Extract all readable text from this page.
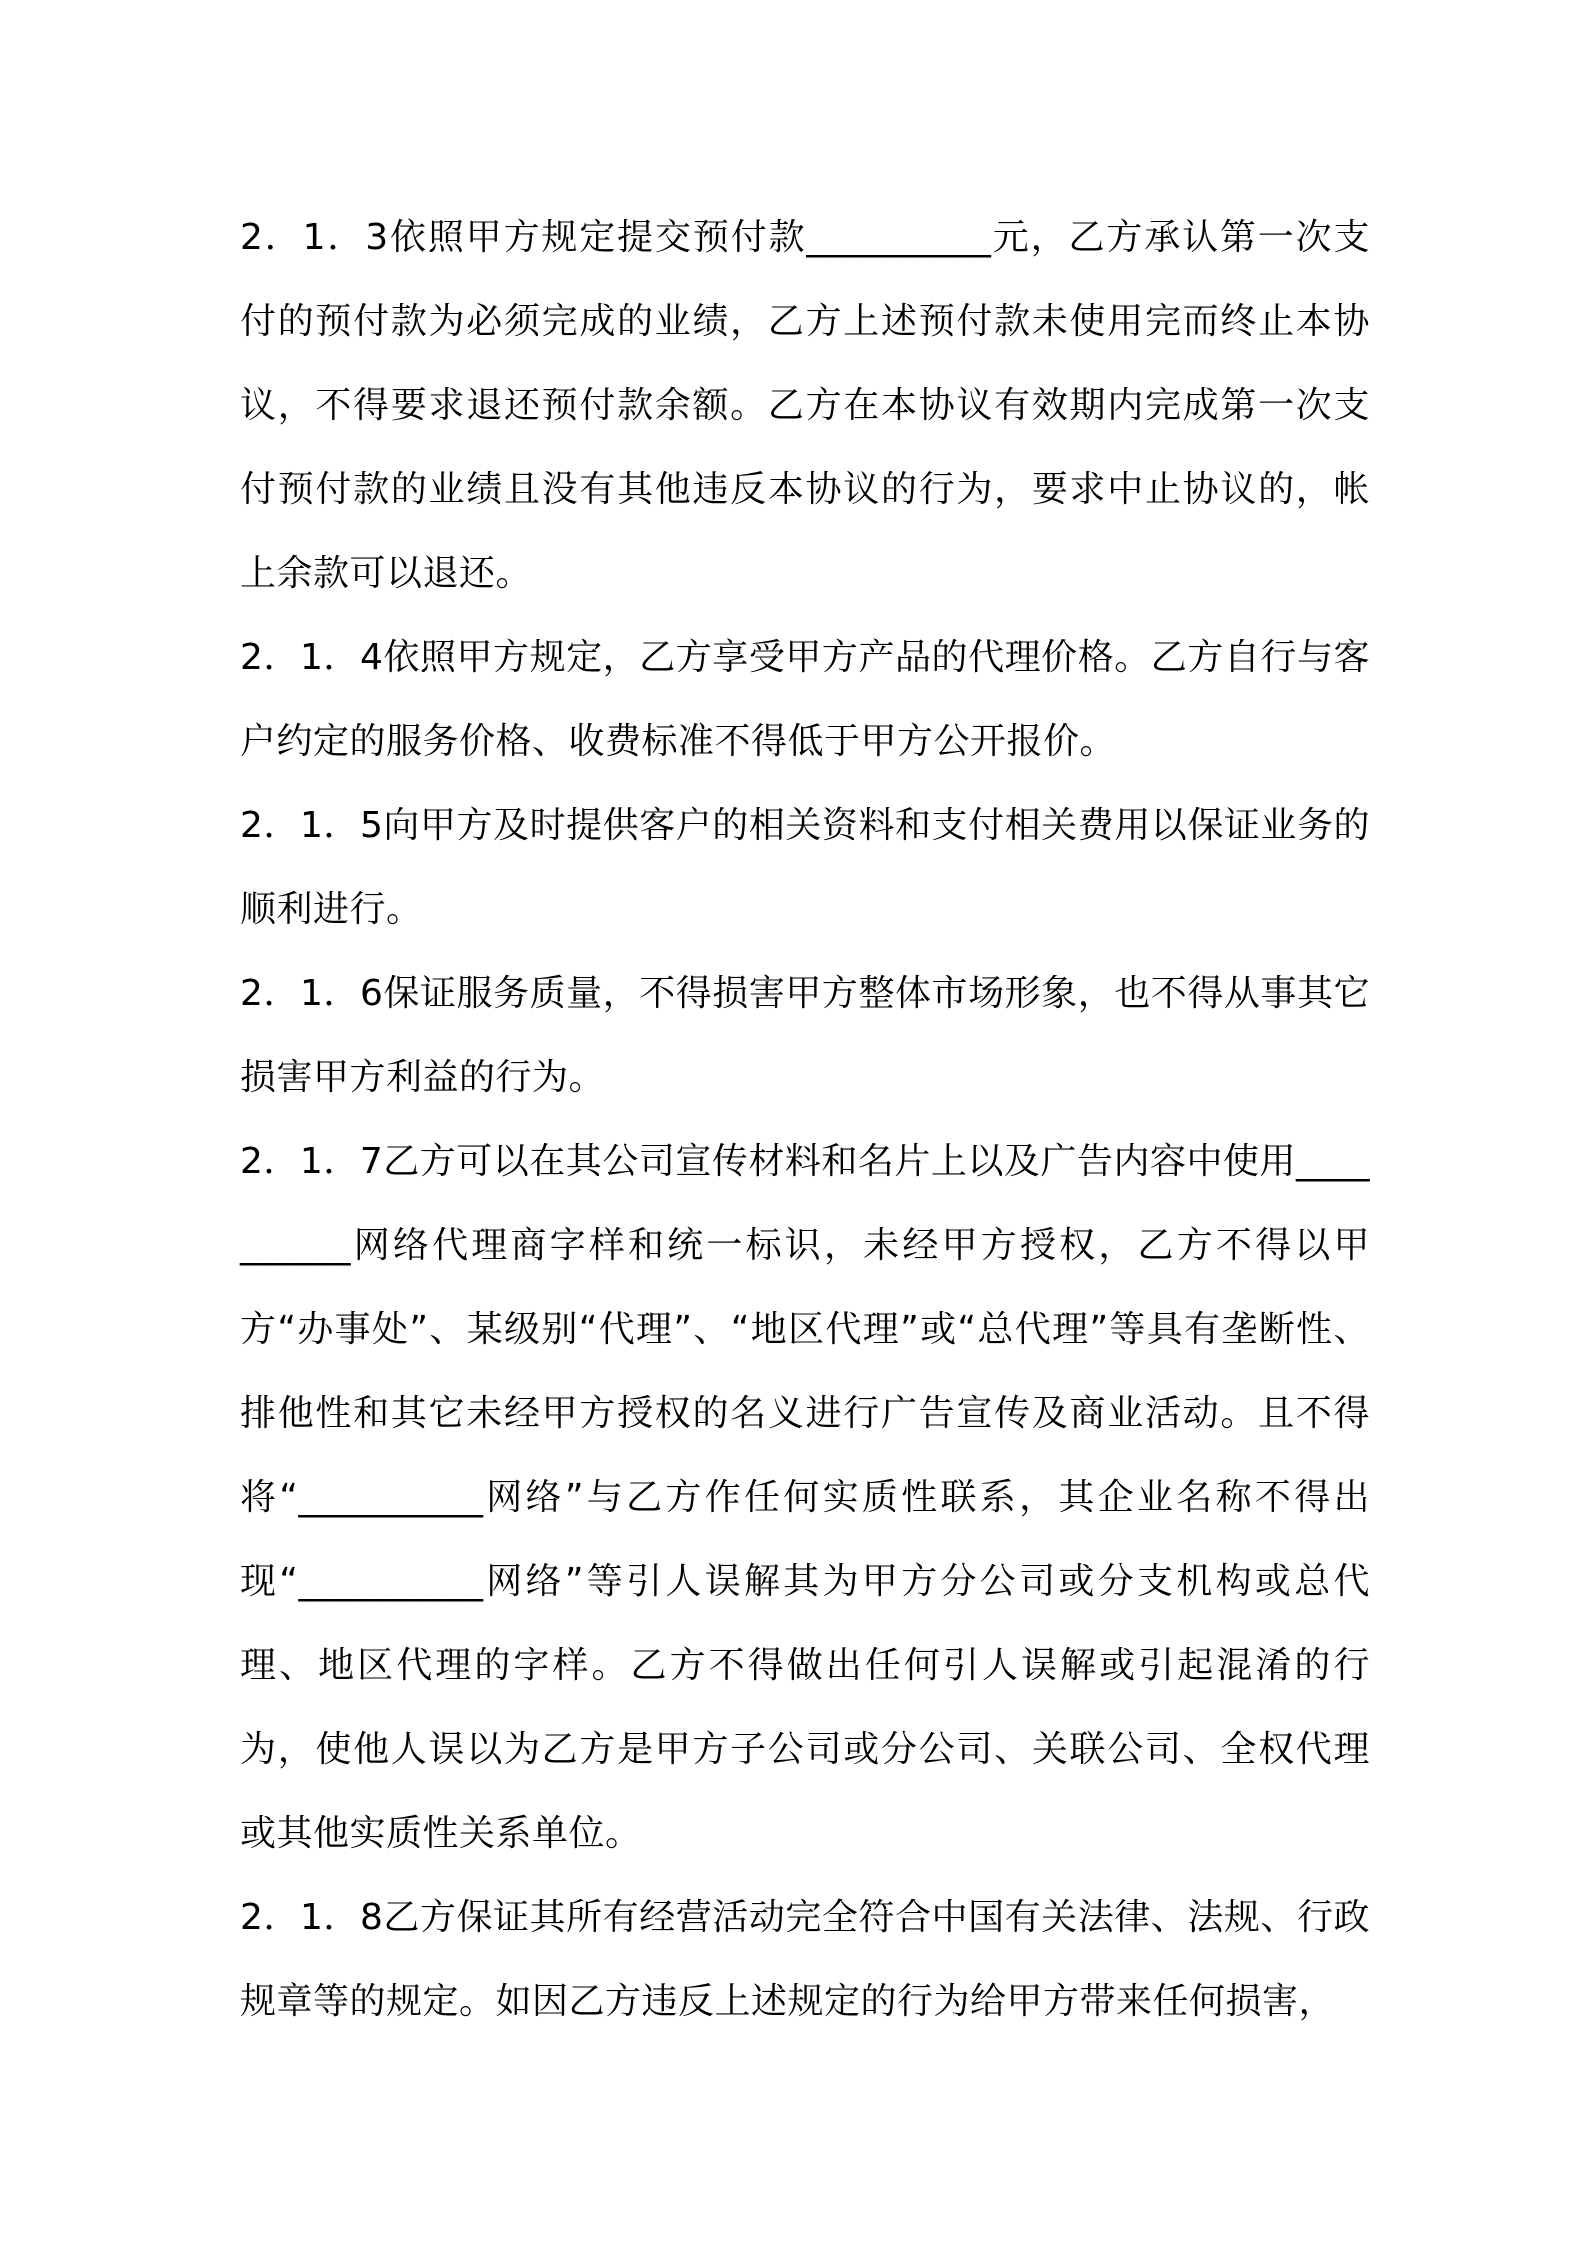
2．1．3依照甲方规定提交预付款__________元，乙方承认第一次支付的预付款为必须完成的业绩，乙方上述预付款未使用完而终止本协议，不得要求退还预付款余额。乙方在本协议有效期内完成第一次支付预付款的业绩且没有其他违反本协议的行为，要求中止协议的，帐上余款可以退还。

2．1．4依照甲方规定，乙方享受甲方产品的代理价格。乙方自行与客户约定的服务价格、收费标准不得低于甲方公开报价。

2．1．5向甲方及时提供客户的相关资料和支付相关费用以保证业务的顺利进行。

2．1．6保证服务质量，不得损害甲方整体市场形象，也不得从事其它损害甲方利益的行为。

2．1．7乙方可以在其公司宣传材料和名片上以及广告内容中使用__________网络代理商字样和统一标识，未经甲方授权，乙方不得以甲方“办事处”、某级别“代理”、“地区代理”或“总代理”等具有垄断性、排他性和其它未经甲方授权的名义进行广告宣传及商业活动。且不得将“__________网络”与乙方作任何实质性联系，其企业名称不得出现“__________网络”等引人误解其为甲方分公司或分支机构或总代理、地区代理的字样。乙方不得做出任何引人误解或引起混淆的行为，使他人误以为乙方是甲方子公司或分公司、关联公司、全权代理或其他实质性关系单位。

2．1．8乙方保证其所有经营活动完全符合中国有关法律、法规、行政规章等的规定。如因乙方违反上述规定的行为给甲方带来任何损害，
